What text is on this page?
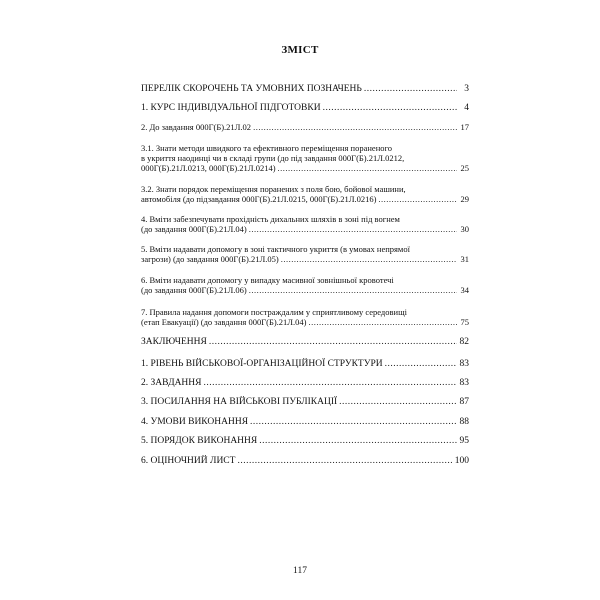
ЗМІСТ
ПЕРЕЛІК СКОРОЧЕНЬ ТА УМОВНИХ ПОЗНАЧЕНЬ .....	3
1. КУРС ІНДИВІДУАЛЬНОЇ ПІДГОТОВКИ .....	4
2. До завдання 000Г(Б).21Л.02 .....	17
3.1. Знати методи швидкого та ефективного переміщення пораненого
в укриття наодинці чи в складі групи (до під завдання 000Г(Б).21Л.0212,
000Г(Б).21Л.0213, 000Г(Б).21Л.0214) .....	25
3.2. Знати порядок переміщення поранених з поля бою, бойової машини,
автомобіля (до підзавдання 000Г(Б).21Л.0215, 000Г(Б).21Л.0216) .....	29
4. Вміти забезпечувати прохідність дихальних шляхів в зоні під вогнем
(до завдання 000Г(Б).21Л.04) .....	30
5. Вміти надавати допомогу в зоні тактичного укриття (в умовах непрямої
загрози) (до завдання 000Г(Б).21Л.05) .....	31
6. Вміти надавати допомогу у випадку масивної зовнішньої кровотечі
(до завдання 000Г(Б).21Л.06) .....	34
7. Правила надання допомоги постраждалим у сприятливому середовищі
(етап Евакуації) (до завдання 000Г(Б).21Л.04) .....	75
ЗАКЛЮЧЕННЯ .....	82
1. РІВЕНЬ ВІЙСЬКОВОЇ-ОРГАНІЗАЦІЙНОЇ СТРУКТУРИ .....	83
2. ЗАВДАННЯ .....	83
3. ПОСИЛАННЯ НА ВІЙСЬКОВІ ПУБЛІКАЦІЇ .....	87
4. УМОВИ ВИКОНАННЯ .....	88
5. ПОРЯДОК ВИКОНАННЯ .....	95
6. ОЦІНОЧНИЙ ЛИСТ .....	100
117
